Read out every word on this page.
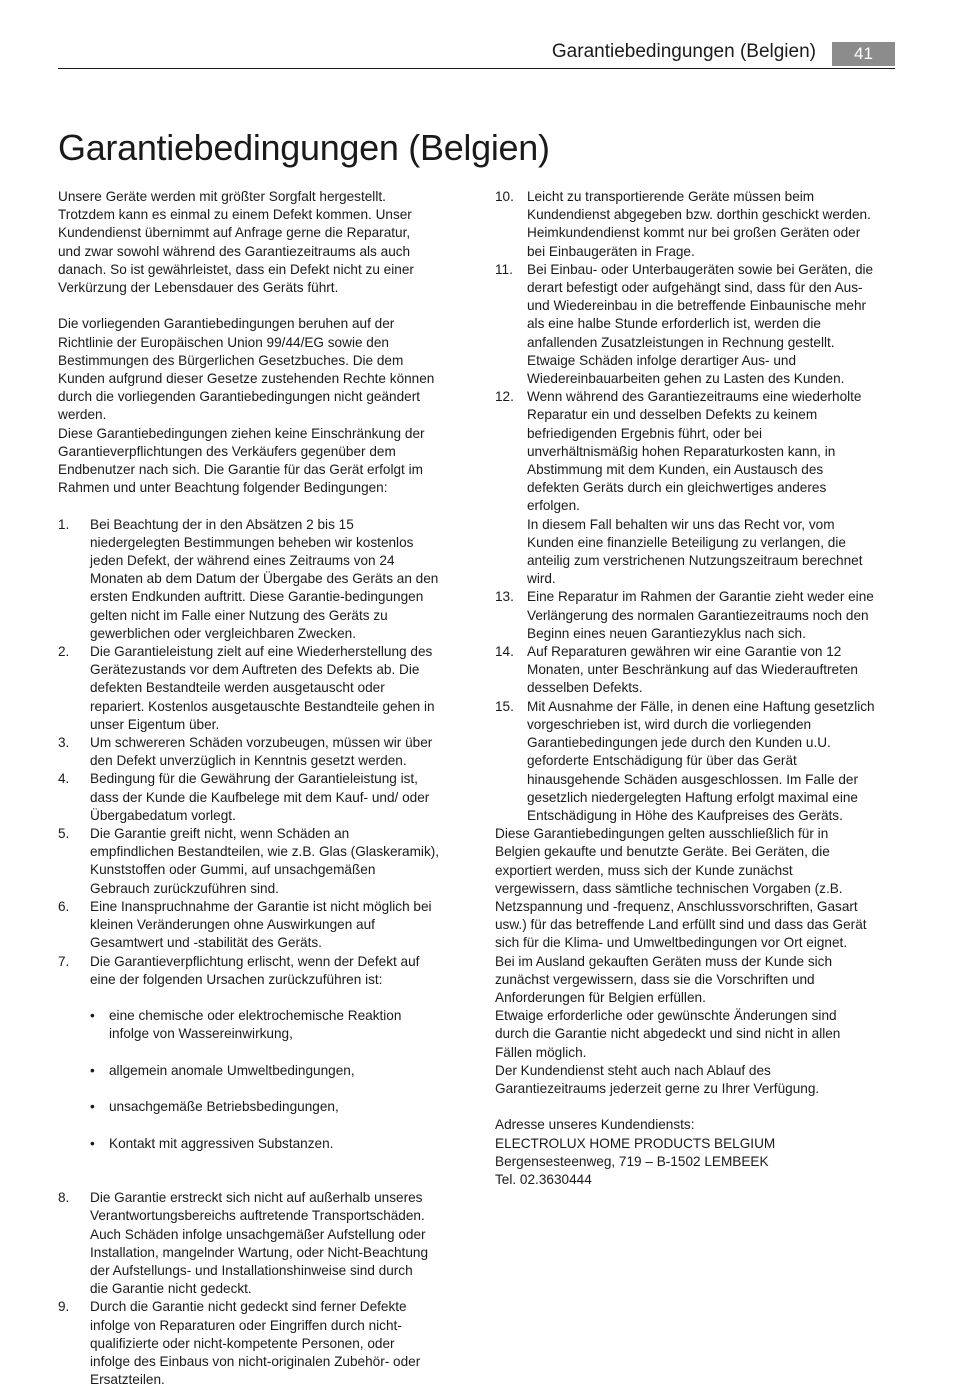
Garantiebedingungen (Belgien)	41
Garantiebedingungen (Belgien)

Unsere Geräte werden mit größter Sorgfalt hergestellt.
Trotzdem kann es einmal zu einem Defekt kommen. Unser
Kundendienst übernimmt auf Anfrage gerne die Reparatur,
und zwar sowohl während des Garantiezeitraums als auch
danach. So ist gewährleistet, dass ein Defekt nicht zu einer
Verkürzung der Lebensdauer des Geräts führt.

Die vorliegenden Garantiebedingungen beruhen auf der
Richtlinie der Europäischen Union 99/44/EG sowie den
Bestimmungen des Bürgerlichen Gesetzbuches. Die dem
Kunden aufgrund dieser Gesetze zustehenden Rechte können
durch die vorliegenden Garantiebedingungen nicht geändert
werden.

Diese Garantiebedingungen ziehen keine Einschränkung der
Garantieverpflichtungen des Verkäufers gegenüber dem
Endbenutzer nach sich. Die Garantie für das Gerät erfolgt im
Rahmen und unter Beachtung folgender Bedingungen:

1. Bei Beachtung der in den Absätzen 2 bis 15
niedergelegten Bestimmungen beheben wir kostenlos
jeden Defekt, der während eines Zeitraums von 24
Monaten ab dem Datum der Übergabe des Geräts an den
ersten Endkunden auftritt. Diese Garantie-bedingungen
gelten nicht im Falle einer Nutzung des Geräts zu
gewerblichen oder vergleichbaren Zwecken.
2. Die Garantieleistung zielt auf eine Wiederherstellung des
Gerätezustands vor dem Auftreten des Defekts ab. Die
defekten Bestandteile werden ausgetauscht oder
repariert. Kostenlos ausgetauschte Bestandteile gehen in
unser Eigentum über.
3. Um schwereren Schäden vorzubeugen, müssen wir über
den Defekt unverzüglich in Kenntnis gesetzt werden.
4. Bedingung für die Gewährung der Garantieleistung ist,
dass der Kunde die Kaufbelege mit dem Kauf- und/ oder
Übergabedatum vorlegt.
5. Die Garantie greift nicht, wenn Schäden an
empfindlichen Bestandteilen, wie z.B. Glas (Glaskeramik),
Kunststoffen oder Gummi, auf unsachgemäßen
Gebrauch zurückzuführen sind.
6. Eine Inanspruchnahme der Garantie ist nicht möglich bei
kleinen Veränderungen ohne Auswirkungen auf
Gesamtwert und -stabilität des Geräts.
7. Die Garantieverpflichtung erlischt, wenn der Defekt auf
eine der folgenden Ursachen zurückzuführen ist:

• eine chemische oder elektrochemische Reaktion
infolge von Wassereinwirkung,

• allgemein anomale Umweltbedingungen,

• unsachgemäße Betriebsbedingungen,

• Kontakt mit aggressiven Substanzen.

8. Die Garantie erstreckt sich nicht auf außerhalb unseres
Verantwortungsbereichs auftretende Transportschäden.
Auch Schäden infolge unsachgemäßer Aufstellung oder
Installation, mangelnder Wartung, oder Nicht-Beachtung
der Aufstellungs- und Installationshinweise sind durch
die Garantie nicht gedeckt.
9. Durch die Garantie nicht gedeckt sind ferner Defekte
infolge von Reparaturen oder Eingriffen durch nicht-
qualifizierte oder nicht-kompetente Personen, oder
infolge des Einbaus von nicht-originalen Zubehör- oder
Ersatzteilen.
10. Leicht zu transportierende Geräte müssen beim
Kundendienst abgegeben bzw. dorthin geschickt werden.
Heimkundendienst kommt nur bei großen Geräten oder
bei Einbaugeräten in Frage.
11. Bei Einbau- oder Unterbaugeräten sowie bei Geräten, die
derart befestigt oder aufgehängt sind, dass für den Aus-
und Wiedereinbau in die betreffende Einbaunische mehr
als eine halbe Stunde erforderlich ist, werden die
anfallenden Zusatzleistungen in Rechnung gestellt.
Etwaige Schäden infolge derartiger Aus- und
Wiedereinbauarbeiten gehen zu Lasten des Kunden.
12. Wenn während des Garantiezeitraums eine wiederholte
Reparatur ein und desselben Defekts zu keinem
befriedigenden Ergebnis führt, oder bei
unverhältnismäßig hohen Reparaturkosten kann, in
Abstimmung mit dem Kunden, ein Austausch des
defekten Geräts durch ein gleichwertiges anderes
erfolgen.
In diesem Fall behalten wir uns das Recht vor, vom
Kunden eine finanzielle Beteiligung zu verlangen, die
anteilig zum verstrichenen Nutzungszeitraum berechnet
wird.
13. Eine Reparatur im Rahmen der Garantie zieht weder eine
Verlängerung des normalen Garantiezeitraums noch den
Beginn eines neuen Garantiezyklus nach sich.
14. Auf Reparaturen gewähren wir eine Garantie von 12
Monaten, unter Beschränkung auf das Wiederauftreten
desselben Defekts.
15. Mit Ausnahme der Fälle, in denen eine Haftung gesetzlich
vorgeschrieben ist, wird durch die vorliegenden
Garantiebedingungen jede durch den Kunden u.U.
geforderte Entschädigung für über das Gerät
hinausgehende Schäden ausgeschlossen. Im Falle der
gesetzlich niedergelegten Haftung erfolgt maximal eine
Entschädigung in Höhe des Kaufpreises des Geräts.

Diese Garantiebedingungen gelten ausschließlich für in
Belgien gekaufte und benutzte Geräte. Bei Geräten, die
exportiert werden, muss sich der Kunde zunächst
vergewissern, dass sämtliche technischen Vorgaben (z.B.
Netzspannung und -frequenz, Anschlussvorschriften, Gasart
usw.) für das betreffende Land erfüllt sind und dass das Gerät
sich für die Klima- und Umweltbedingungen vor Ort eignet.
Bei im Ausland gekauften Geräten muss der Kunde sich
zunächst vergewissern, dass sie die Vorschriften und
Anforderungen für Belgien erfüllen.

Etwaige erforderliche oder gewünschte Änderungen sind
durch die Garantie nicht abgedeckt und sind nicht in allen
Fällen möglich.

Der Kundendienst steht auch nach Ablauf des
Garantiezeitraums jederzeit gerne zu Ihrer Verfügung.

Adresse unseres Kundendiensts:

ELECTROLUX HOME PRODUCTS BELGIUM

Bergensesteenweg, 719 – B-1502 LEMBEEK

Tel. 02.3630444
